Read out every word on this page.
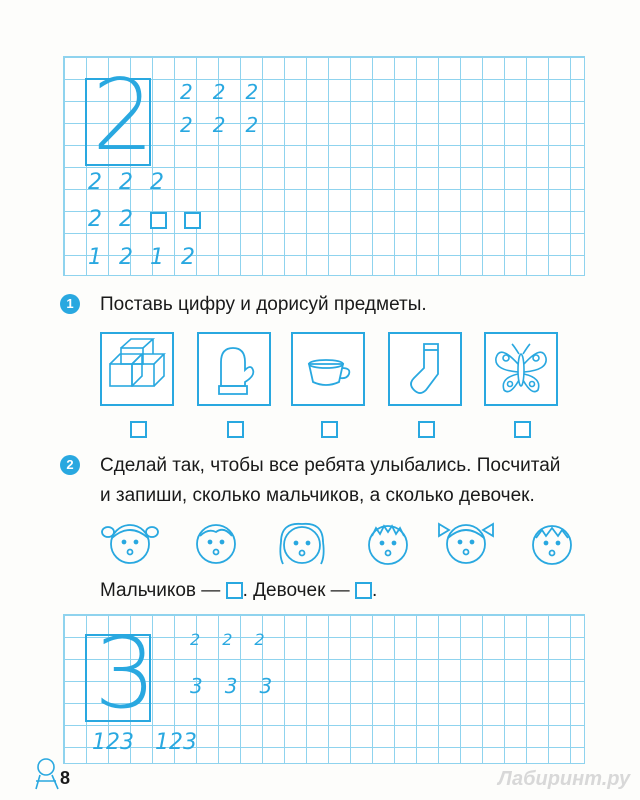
2 222
222
2 2 2
2 2
1 2 1 2
1	Поставь цифру и дорисуй предметы.
2	Сделай так, чтобы все ребята улыбались. Посчитай
и запиши, сколько мальчиков, а сколько девочек.
Мальчиков — . Девочек — .
3 222
333
123 123
8	Лабиринт.ру
